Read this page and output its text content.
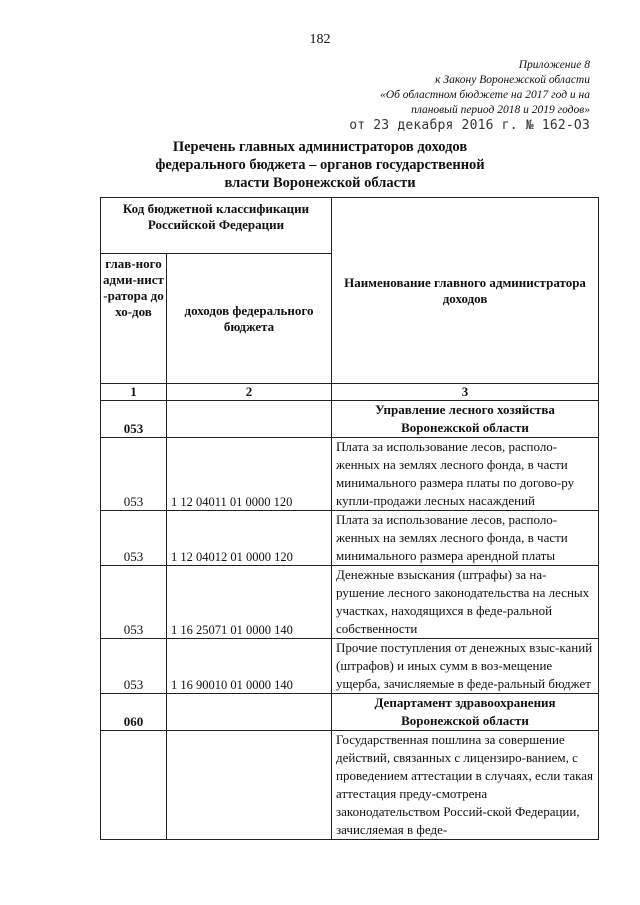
182
Приложение 8
к Закону Воронежской области
«Об областном бюджете на 2017 год и на
плановый период 2018 и 2019 годов»
от 23 декабря 2016 г. № 162-ОЗ
Перечень главных администраторов доходов
федерального бюджета – органов государственной
власти Воронежской области
Код бюджетной классификации Российской Федерации		Наименование главного администратора доходов
глав-ного адми-нист-ратора дохо-дов	доходов федерального бюджета	
1	2	3
053		Управление лесного хозяйства Воронежской области
053	1 12 04011 01 0000 120	Плата за использование лесов, располо-женных на землях лесного фонда, в части минимального размера платы по догово-ру купли-продажи лесных насаждений
053	1 12 04012 01 0000 120	Плата за использование лесов, располо-женных на землях лесного фонда, в части минимального размера арендной платы
053	1 16 25071 01 0000 140	Денежные взыскания (штрафы) за на-рушение лесного законодательства на лесных участках, находящихся в феде-ральной собственности
053	1 16 90010 01 0000 140	Прочие поступления от денежных взыс-каний (штрафов) и иных сумм в воз-мещение ущерба, зачисляемые в феде-ральный бюджет
060		Департамент здравоохранения Воронежской области
		Государственная пошлина за совершение действий, связанных с лицензиро-ванием, с проведением аттестации в случаях, если такая аттестация преду-смотрена законодательством Россий-ской Федерации, зачисляемая в феде-
